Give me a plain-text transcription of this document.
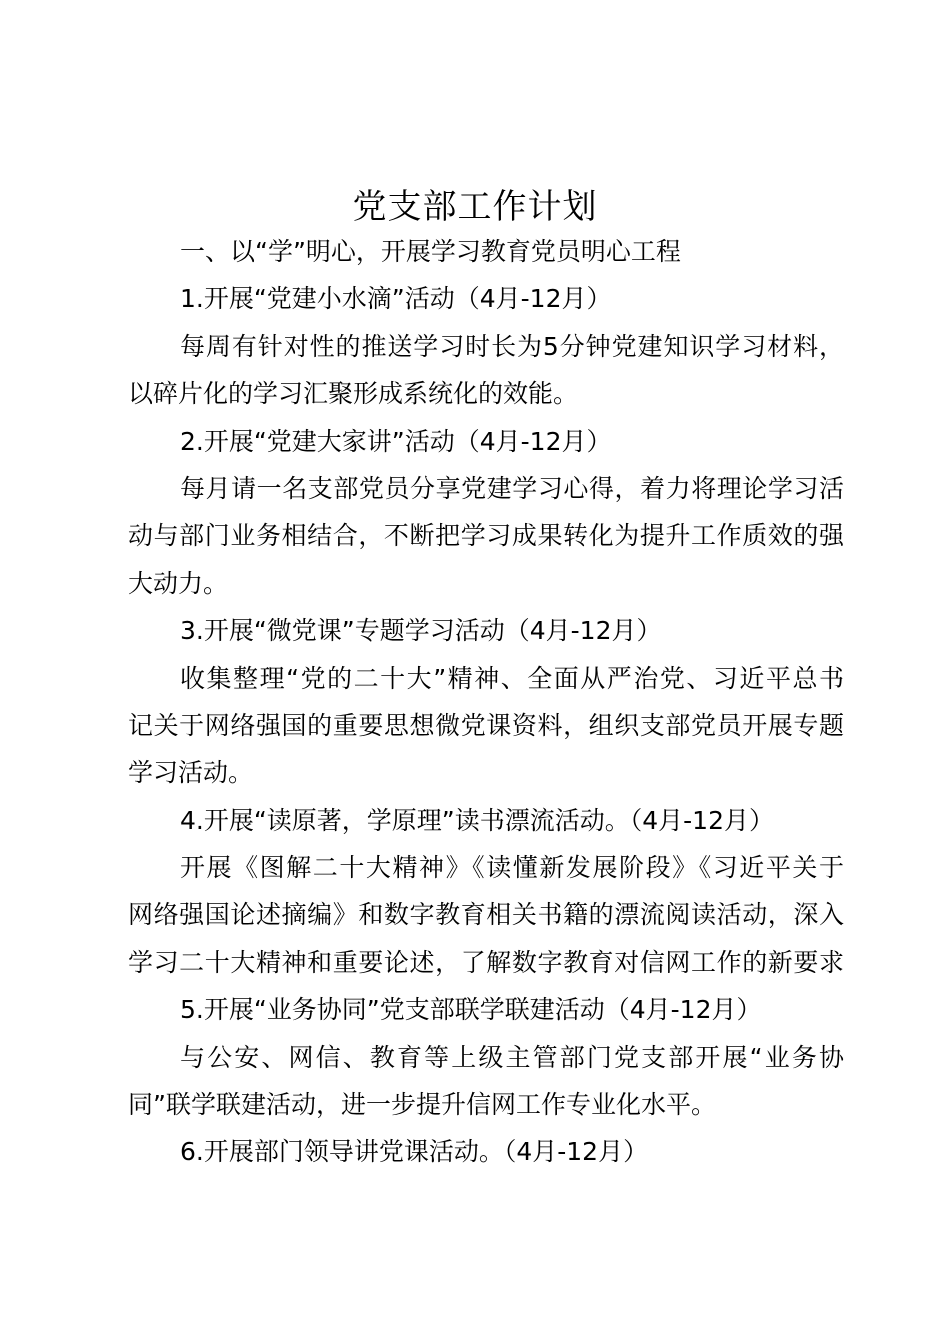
党支部工作计划
一、以“学”明心，开展学习教育党员明心工程
1.开展“党建小水滴”活动（4月-12月）
每周有针对性的推送学习时长为5分钟党建知识学习材料，
以碎片化的学习汇聚形成系统化的效能。
2.开展“党建大家讲”活动（4月-12月）
每月请一名支部党员分享党建学习心得，着力将理论学习活
动与部门业务相结合，不断把学习成果转化为提升工作质效的强
大动力。
3.开展“微党课”专题学习活动（4月-12月）
收集整理“党的二十大”精神、全面从严治党、习近平总书
记关于网络强国的重要思想微党课资料，组织支部党员开展专题
学习活动。
4.开展“读原著，学原理”读书漂流活动。（4月-12月）
开展《图解二十大精神》《读懂新发展阶段》《习近平关于
网络强国论述摘编》和数字教育相关书籍的漂流阅读活动，深入
学习二十大精神和重要论述，了解数字教育对信网工作的新要求
5.开展“业务协同”党支部联学联建活动（4月-12月）
与公安、网信、教育等上级主管部门党支部开展“业务协
同”联学联建活动，进一步提升信网工作专业化水平。
6.开展部门领导讲党课活动。（4月-12月）
